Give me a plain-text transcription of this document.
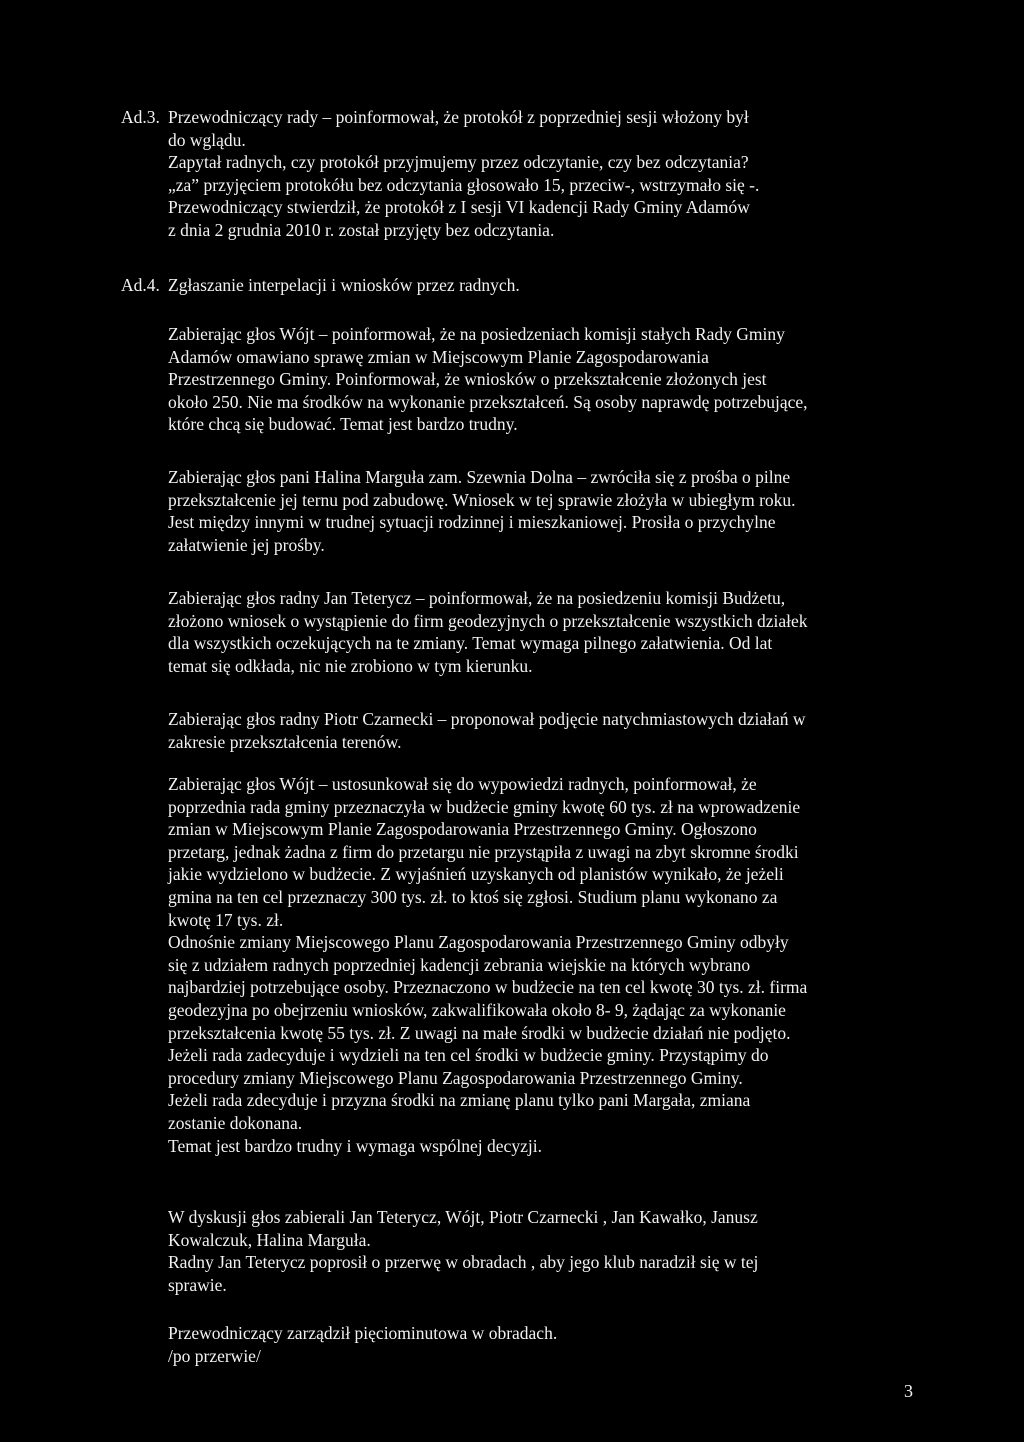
Ad.3. Przewodniczący rady – poinformował, że protokół z poprzedniej sesji włożony był
do wglądu.
Zapytał radnych, czy protokół przyjmujemy przez odczytanie, czy bez odczytania?
„za” przyjęciem protokółu bez odczytania głosowało 15, przeciw-, wstrzymało się -.
Przewodniczący stwierdził, że protokół z I sesji VI kadencji Rady Gminy Adamów
z dnia 2 grudnia 2010 r. został przyjęty bez odczytania.
Ad.4. Zgłaszanie interpelacji i wniosków przez radnych.
Zabierając głos Wójt – poinformował, że na posiedzeniach komisji stałych Rady Gminy
Adamów omawiano sprawę zmian w Miejscowym Planie Zagospodarowania
Przestrzennego Gminy. Poinformował, że wniosków o przekształcenie złożonych jest
około 250. Nie ma środków na wykonanie przekształceń. Są osoby naprawdę potrzebujące,
które chcą się budować. Temat jest bardzo trudny.
Zabierając głos pani Halina Marguła zam. Szewnia Dolna – zwróciła się z prośba o pilne
przekształcenie jej ternu pod zabudowę. Wniosek w tej sprawie złożyła w ubiegłym roku.
Jest między innymi w trudnej sytuacji rodzinnej i mieszkaniowej. Prosiła o przychylne
załatwienie jej prośby.
Zabierając głos radny Jan Teterycz – poinformował, że na posiedzeniu komisji Budżetu,
złożono wniosek o wystąpienie do firm geodezyjnych o przekształcenie wszystkich działek
dla wszystkich oczekujących na te zmiany. Temat wymaga pilnego załatwienia. Od lat
temat się odkłada, nic nie zrobiono w tym kierunku.
Zabierając głos radny Piotr Czarnecki – proponował podjęcie natychmiastowych działań w
zakresie przekształcenia terenów.
Zabierając głos Wójt – ustosunkował się do wypowiedzi radnych, poinformował, że
poprzednia rada gminy przeznaczyła w budżecie gminy kwotę 60 tys. zł na wprowadzenie
zmian w Miejscowym Planie Zagospodarowania Przestrzennego Gminy. Ogłoszono
przetarg, jednak żadna z firm do przetargu nie przystąpiła z uwagi na zbyt skromne środki
jakie wydzielono w budżecie. Z wyjaśnień uzyskanych od planistów wynikało, że jeżeli
gmina na ten cel przeznaczy 300 tys. zł. to ktoś się zgłosi. Studium planu wykonano za
kwotę 17 tys. zł.
Odnośnie zmiany Miejscowego Planu Zagospodarowania Przestrzennego Gminy odbyły
się z udziałem radnych poprzedniej kadencji zebrania wiejskie na których wybrano
najbardziej potrzebujące osoby. Przeznaczono w budżecie na ten cel kwotę 30 tys. zł. firma
geodezyjna po obejrzeniu wniosków, zakwalifikowała około 8- 9, żądając za wykonanie
przekształcenia kwotę 55 tys. zł. Z uwagi na małe środki w budżecie działań nie podjęto.
Jeżeli rada zadecyduje i wydzieli na ten cel środki w budżecie gminy. Przystąpimy do
procedury zmiany Miejscowego Planu Zagospodarowania Przestrzennego Gminy.
Jeżeli rada zdecyduje i przyzna środki na zmianę planu tylko pani Margała, zmiana
zostanie dokonana.
Temat jest bardzo trudny i wymaga wspólnej decyzji.
W dyskusji głos zabierali Jan Teterycz, Wójt, Piotr Czarnecki , Jan Kawałko, Janusz
Kowalczuk, Halina Marguła.
Radny Jan Teterycz poprosił o przerwę w obradach , aby jego klub naradził się w tej
sprawie.
Przewodniczący zarządził pięciominutowa w obradach.
/po przerwie/
3
